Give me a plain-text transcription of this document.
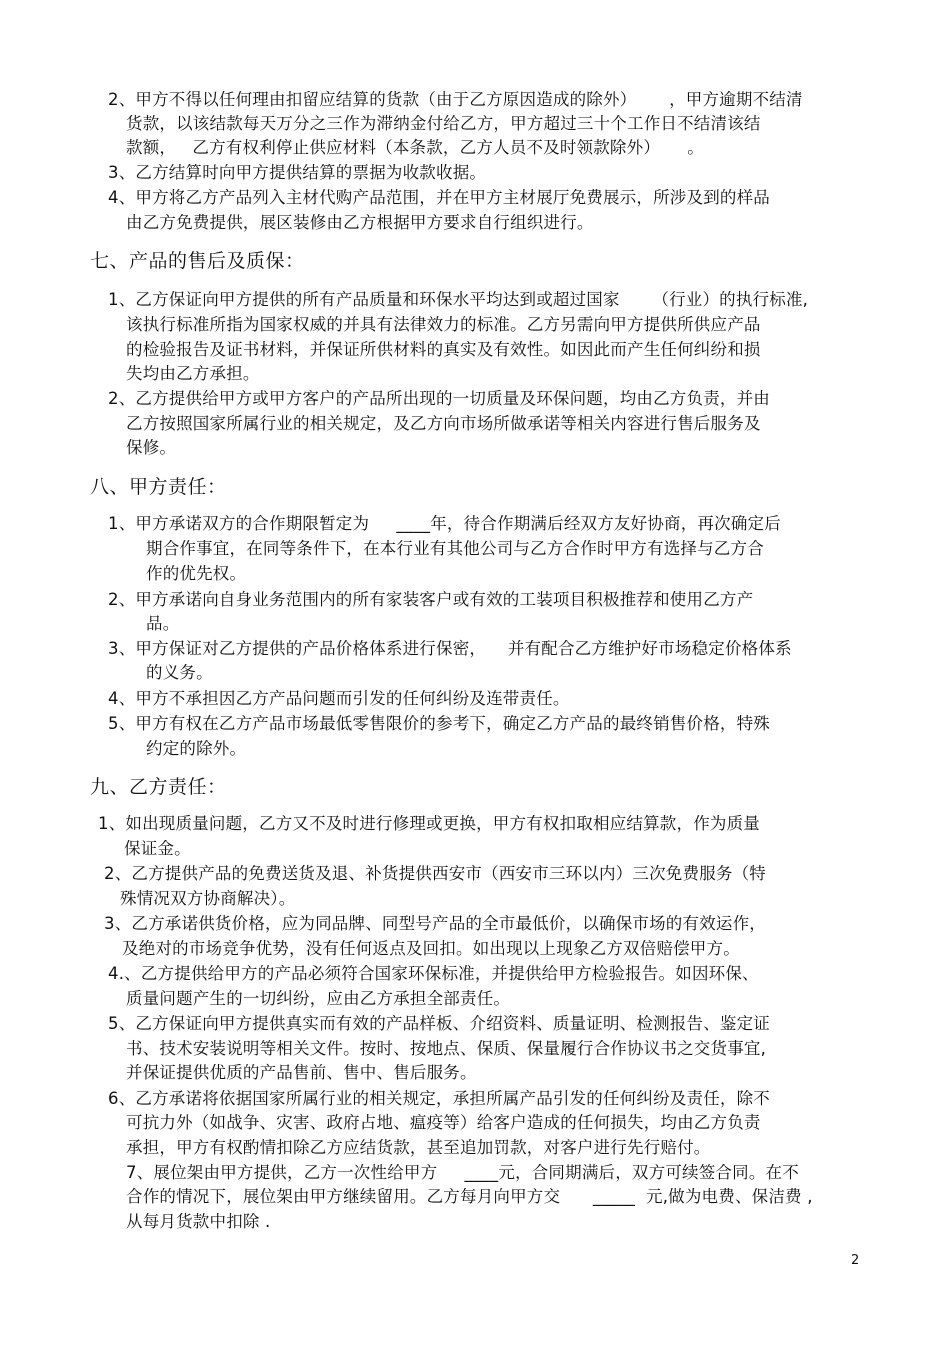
2、甲方不得以任何理由扣留应结算的货款（由于乙方原因造成的除外）      ，甲方逾期不结清
货款，以该结款每天万分之三作为滞纳金付给乙方，甲方超过三十个工作日不结清该结
款额，   乙方有权利停止供应材料（本条款，乙方人员不及时领款除外）     。
3、乙方结算时向甲方提供结算的票据为收款收据。
4、甲方将乙方产品列入主材代购产品范围，并在甲方主材展厅免费展示，所涉及到的样品
由乙方免费提供，展区装修由乙方根据甲方要求自行组织进行。
七、产品的售后及质保：
1、乙方保证向甲方提供的所有产品质量和环保水平均达到或超过国家      （行业）的执行标准,
该执行标准所指为国家权威的并具有法律效力的标准。乙方另需向甲方提供所供应产品
的检验报告及证书材料，并保证所供材料的真实及有效性。如因此而产生任何纠纷和损
失均由乙方承担。
2、乙方提供给甲方或甲方客户的产品所出现的一切质量及环保问题，均由乙方负责，并由
乙方按照国家所属行业的相关规定，及乙方向市场所做承诺等相关内容进行售后服务及
保修。
八、甲方责任：
1、甲方承诺双方的合作期限暂定为     ____年，待合作期满后经双方友好协商，再次确定后
期合作事宜，在同等条件下，在本行业有其他公司与乙方合作时甲方有选择与乙方合
作的优先权。
2、甲方承诺向自身业务范围内的所有家装客户或有效的工装项目积极推荐和使用乙方产
品。
3、甲方保证对乙方提供的产品价格体系进行保密，    并有配合乙方维护好市场稳定价格体系
的义务。
4、甲方不承担因乙方产品问题而引发的任何纠纷及连带责任。
5、甲方有权在乙方产品市场最低零售限价的参考下，确定乙方产品的最终销售价格，特殊
约定的除外。
九、乙方责任：
1、如出现质量问题，乙方又不及时进行修理或更换，甲方有权扣取相应结算款，作为质量
保证金。
2、乙方提供产品的免费送货及退、补货提供西安市（西安市三环以内）三次免费服务（特
殊情况双方协商解决）。
3、乙方承诺供货价格，应为同品牌、同型号产品的全市最低价，以确保市场的有效运作，
及绝对的市场竞争优势，没有任何返点及回扣。如出现以上现象乙方双倍赔偿甲方。
4.、乙方提供给甲方的产品必须符合国家环保标准，并提供给甲方检验报告。如因环保、
质量问题产生的一切纠纷，应由乙方承担全部责任。
5、乙方保证向甲方提供真实而有效的产品样板、介绍资料、质量证明、检测报告、鉴定证
书、技术安装说明等相关文件。按时、按地点、保质、保量履行合作协议书之交货事宜,
并保证提供优质的产品售前、售中、售后服务。
6、乙方承诺将依据国家所属行业的相关规定，承担所属产品引发的任何纠纷及责任，除不
可抗力外（如战争、灾害、政府占地、瘟疫等）给客户造成的任何损失，均由乙方负责
承担，甲方有权酌情扣除乙方应结货款，甚至追加罚款，对客户进行先行赔付。
7、展位架由甲方提供，乙方一次性给甲方     ____元，合同期满后，双方可续签合同。在不
合作的情况下，展位架由甲方继续留用。乙方每月向甲方交      _____  元,做为电费、保洁费 ,
从每月货款中扣除 .
2
